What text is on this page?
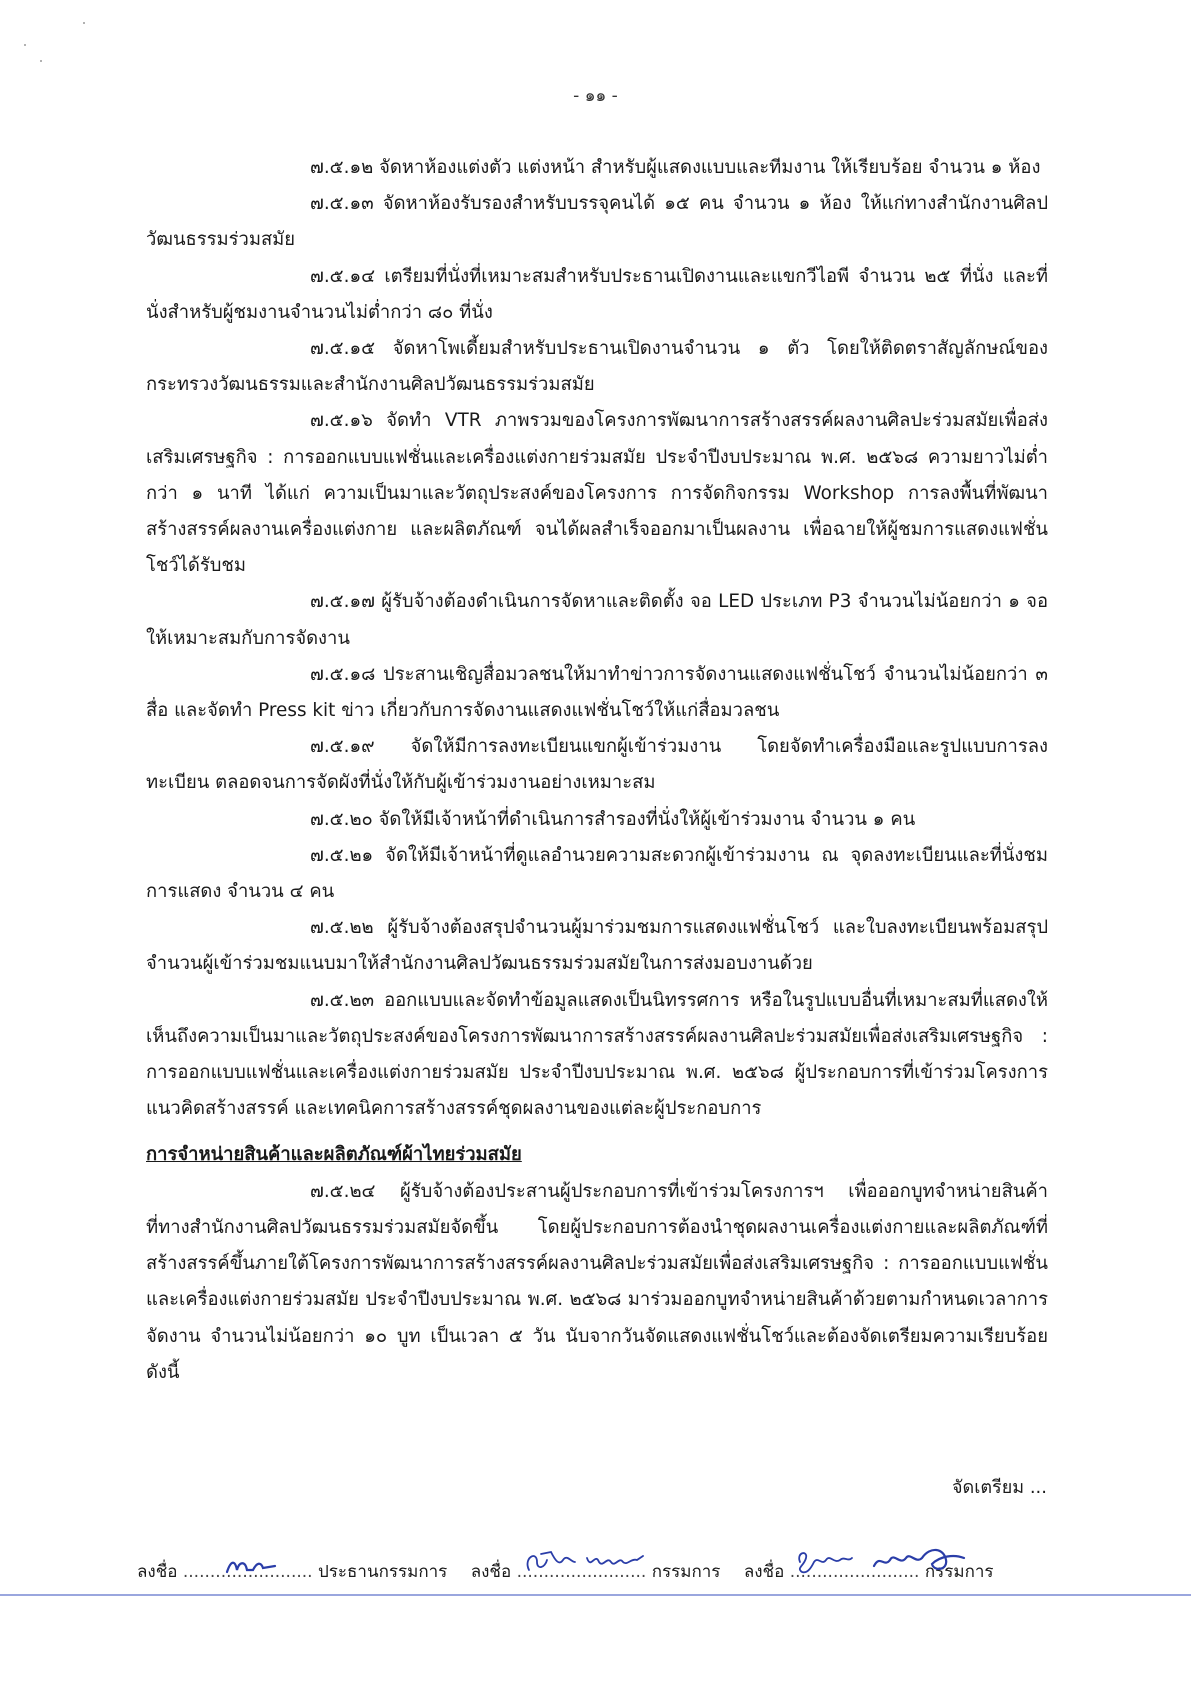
- ๑๑ -

๗.๕.๑๒ จัดหาห้องแต่งตัว แต่งหน้า สำหรับผู้แสดงแบบและทีมงาน ให้เรียบร้อย จำนวน ๑ ห้อง

๗.๕.๑๓ จัดหาห้องรับรองสำหรับบรรจุคนได้ ๑๕ คน จำนวน ๑ ห้อง ให้แก่ทางสำนักงานศิลปวัฒนธรรมร่วมสมัย

๗.๕.๑๔ เตรียมที่นั่งที่เหมาะสมสำหรับประธานเปิดงานและแขกวีไอพี จำนวน ๒๕ ที่นั่ง และที่นั่งสำหรับผู้ชมงานจำนวนไม่ต่ำกว่า ๘๐ ที่นั่ง

๗.๕.๑๕ จัดหาโพเดี้ยมสำหรับประธานเปิดงานจำนวน ๑ ตัว โดยให้ติดตราสัญลักษณ์ของกระทรวงวัฒนธรรมและสำนักงานศิลปวัฒนธรรมร่วมสมัย

๗.๕.๑๖ จัดทำ VTR ภาพรวมของโครงการพัฒนาการสร้างสรรค์ผลงานศิลปะร่วมสมัยเพื่อส่งเสริมเศรษฐกิจ : การออกแบบแฟชั่นและเครื่องแต่งกายร่วมสมัย ประจำปีงบประมาณ พ.ศ. ๒๕๖๘ ความยาวไม่ต่ำกว่า ๑ นาที ได้แก่ ความเป็นมาและวัตถุประสงค์ของโครงการ การจัดกิจกรรม Workshop การลงพื้นที่พัฒนาสร้างสรรค์ผลงานเครื่องแต่งกาย และผลิตภัณฑ์ จนได้ผลสำเร็จออกมาเป็นผลงาน เพื่อฉายให้ผู้ชมการแสดงแฟชั่นโชว์ได้รับชม

๗.๕.๑๗ ผู้รับจ้างต้องดำเนินการจัดหาและติดตั้ง จอ LED ประเภท P3 จำนวนไม่น้อยกว่า ๑ จอ ให้เหมาะสมกับการจัดงาน

๗.๕.๑๘ ประสานเชิญสื่อมวลชนให้มาทำข่าวการจัดงานแสดงแฟชั่นโชว์ จำนวนไม่น้อยกว่า ๓ สื่อ และจัดทำ Press kit ข่าว เกี่ยวกับการจัดงานแสดงแฟชั่นโชว์ให้แก่สื่อมวลชน

๗.๕.๑๙ จัดให้มีการลงทะเบียนแขกผู้เข้าร่วมงาน โดยจัดทำเครื่องมือและรูปแบบการลงทะเบียน ตลอดจนการจัดผังที่นั่งให้กับผู้เข้าร่วมงานอย่างเหมาะสม

๗.๕.๒๐ จัดให้มีเจ้าหน้าที่ดำเนินการสำรองที่นั่งให้ผู้เข้าร่วมงาน จำนวน ๑ คน

๗.๕.๒๑ จัดให้มีเจ้าหน้าที่ดูแลอำนวยความสะดวกผู้เข้าร่วมงาน ณ จุดลงทะเบียนและที่นั่งชมการแสดง จำนวน ๔ คน

๗.๕.๒๒ ผู้รับจ้างต้องสรุปจำนวนผู้มาร่วมชมการแสดงแฟชั่นโชว์ และใบลงทะเบียนพร้อมสรุปจำนวนผู้เข้าร่วมชมแนบมาให้สำนักงานศิลปวัฒนธรรมร่วมสมัยในการส่งมอบงานด้วย

๗.๕.๒๓ ออกแบบและจัดทำข้อมูลแสดงเป็นนิทรรศการ หรือในรูปแบบอื่นที่เหมาะสมที่แสดงให้เห็นถึงความเป็นมาและวัตถุประสงค์ของโครงการพัฒนาการสร้างสรรค์ผลงานศิลปะร่วมสมัยเพื่อส่งเสริมเศรษฐกิจ : การออกแบบแฟชั่นและเครื่องแต่งกายร่วมสมัย ประจำปีงบประมาณ พ.ศ. ๒๕๖๘ ผู้ประกอบการที่เข้าร่วมโครงการ แนวคิดสร้างสรรค์ และเทคนิคการสร้างสรรค์ชุดผลงานของแต่ละผู้ประกอบการ

การจำหน่ายสินค้าและผลิตภัณฑ์ผ้าไทยร่วมสมัย

๗.๕.๒๔ ผู้รับจ้างต้องประสานผู้ประกอบการที่เข้าร่วมโครงการฯ เพื่อออกบูทจำหน่ายสินค้าที่ทางสำนักงานศิลปวัฒนธรรมร่วมสมัยจัดขึ้น โดยผู้ประกอบการต้องนำชุดผลงานเครื่องแต่งกายและผลิตภัณฑ์ที่สร้างสรรค์ขึ้นภายใต้โครงการพัฒนาการสร้างสรรค์ผลงานศิลปะร่วมสมัยเพื่อส่งเสริมเศรษฐกิจ : การออกแบบแฟชั่นและเครื่องแต่งกายร่วมสมัย ประจำปีงบประมาณ พ.ศ. ๒๕๖๘ มาร่วมออกบูทจำหน่ายสินค้าด้วยตามกำหนดเวลาการจัดงาน จำนวนไม่น้อยกว่า ๑๐ บูท เป็นเวลา ๕ วัน นับจากวันจัดแสดงแฟชั่นโชว์และต้องจัดเตรียมความเรียบร้อย ดังนี้

จัดเตรียม ...
ลงชื่อ ........................ ประธานกรรมการ ลงชื่อ ........................ กรรมการ ลงชื่อ ........................ กรรมการ
